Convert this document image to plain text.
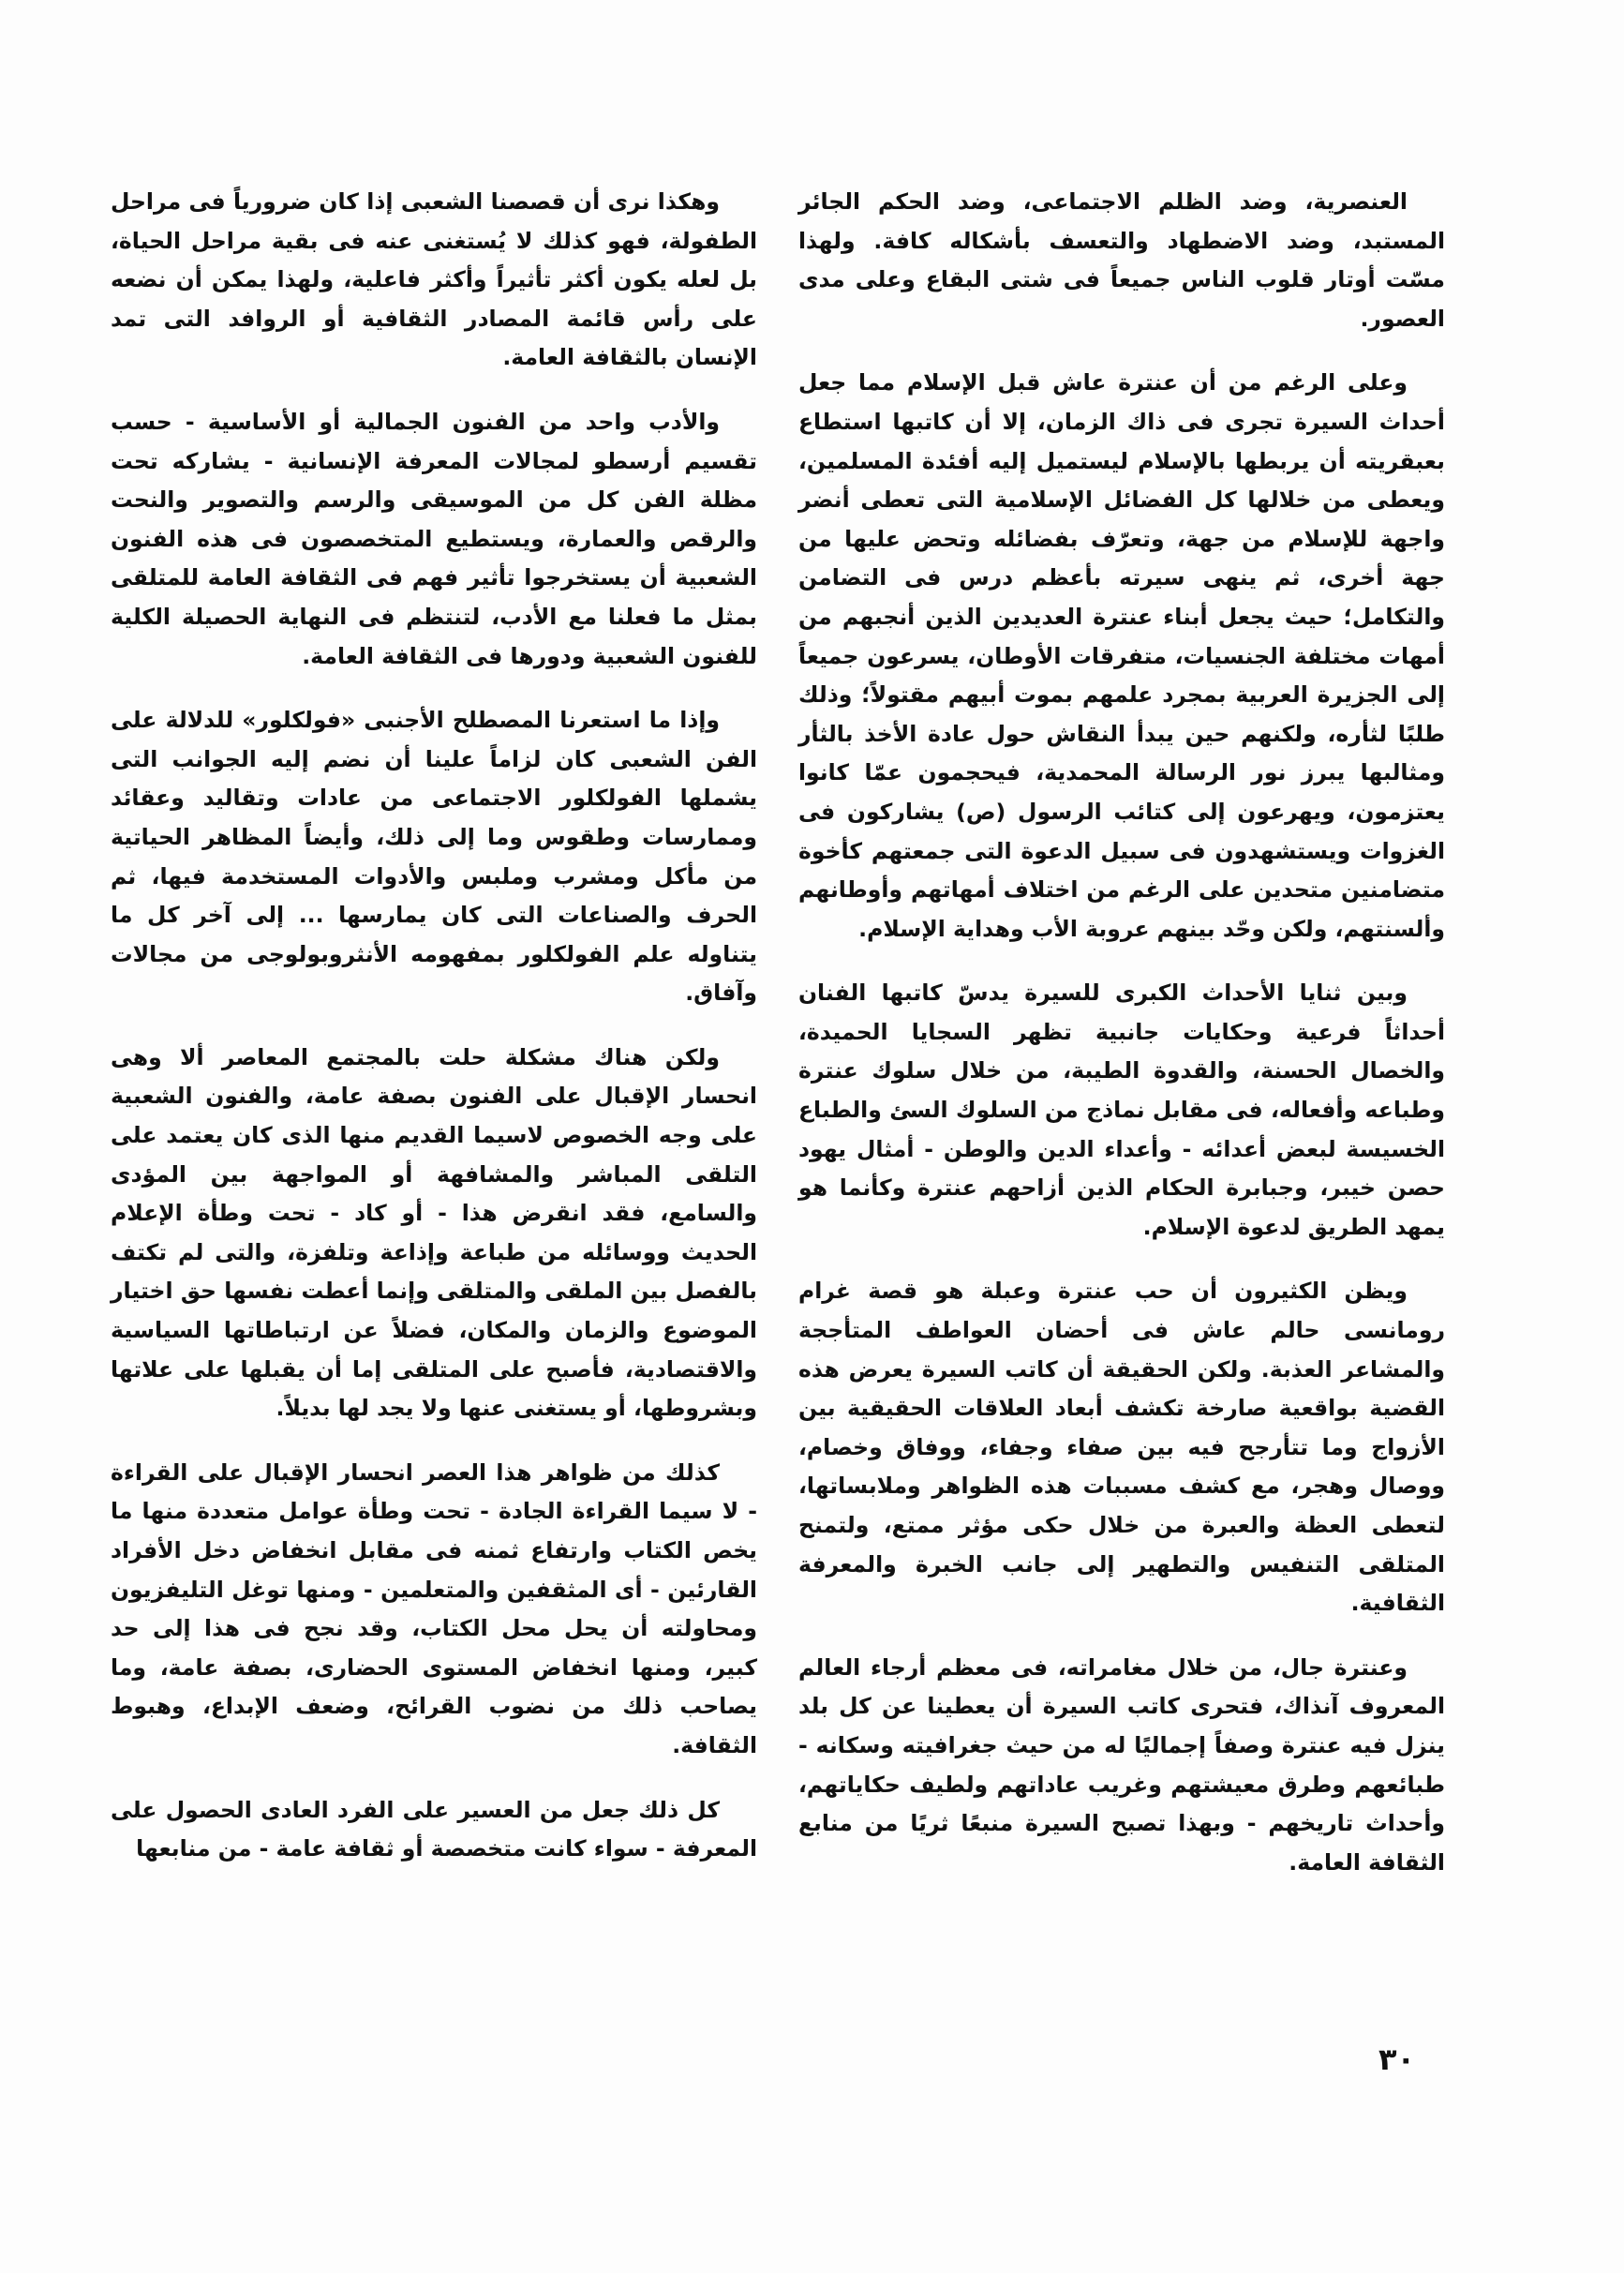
العنصرية، وضد الظلم الاجتماعى، وضد الحكم الجائر المستبد، وضد الاضطهاد والتعسف بأشكاله كافة. ولهذا مسّت أوتار قلوب الناس جميعاً فى شتى البقاع وعلى مدى العصور.

وعلى الرغم من أن عنترة عاش قبل الإسلام مما جعل أحداث السيرة تجرى فى ذاك الزمان، إلا أن كاتبها استطاع بعبقريته أن يربطها بالإسلام ليستميل إليه أفئدة المسلمين، ويعطى من خلالها كل الفضائل الإسلامية التى تعطى أنضر واجهة للإسلام من جهة، وتعرّف بفضائله وتحض عليها من جهة أخرى، ثم ينهى سيرته بأعظم درس فى التضامن والتكامل؛ حيث يجعل أبناء عنترة العديدين الذين أنجبهم من أمهات مختلفة الجنسيات، متفرقات الأوطان، يسرعون جميعاً إلى الجزيرة العربية بمجرد علمهم بموت أبيهم مقتولاً؛ وذلك طلبًا لثأره، ولكنهم حين يبدأ النقاش حول عادة الأخذ بالثأر ومثالبها يبرز نور الرسالة المحمدية، فيحجمون عمّا كانوا يعتزمون، ويهرعون إلى كتائب الرسول (ص) يشاركون فى الغزوات ويستشهدون فى سبيل الدعوة التى جمعتهم كأخوة متضامنين متحدين على الرغم من اختلاف أمهاتهم وأوطانهم وألسنتهم، ولكن وحّد بينهم عروبة الأب وهداية الإسلام.

وبين ثنايا الأحداث الكبرى للسيرة يدسّ كاتبها الفنان أحداثاً فرعية وحكايات جانبية تظهر السجايا الحميدة، والخصال الحسنة، والقدوة الطيبة، من خلال سلوك عنترة وطباعه وأفعاله، فى مقابل نماذج من السلوك السئ والطباع الخسيسة لبعض أعدائه - وأعداء الدين والوطن - أمثال يهود حصن خيبر، وجبابرة الحكام الذين أزاحهم عنترة وكأنما هو يمهد الطريق لدعوة الإسلام.

ويظن الكثيرون أن حب عنترة وعبلة هو قصة غرام رومانسى حالم عاش فى أحضان العواطف المتأججة والمشاعر العذبة. ولكن الحقيقة أن كاتب السيرة يعرض هذه القضية بواقعية صارخة تكشف أبعاد العلاقات الحقيقية بين الأزواج وما تتأرجح فيه بين صفاء وجفاء، ووفاق وخصام، ووصال وهجر، مع كشف مسببات هذه الظواهر وملابساتها، لتعطى العظة والعبرة من خلال حكى مؤثر ممتع، ولتمنح المتلقى التنفيس والتطهير إلى جانب الخبرة والمعرفة الثقافية.

وعنترة جال، من خلال مغامراته، فى معظم أرجاء العالم المعروف آنذاك، فتحرى كاتب السيرة أن يعطينا عن كل بلد ينزل فيه عنترة وصفاً إجماليًا له من حيث جغرافيته وسكانه - طبائعهم وطرق معيشتهم وغريب عاداتهم ولطيف حكاياتهم، وأحداث تاريخهم - وبهذا تصبح السيرة منبعًا ثريًا من منابع الثقافة العامة.

وهكذا نرى أن قصصنا الشعبى إذا كان ضرورياً فى مراحل الطفولة، فهو كذلك لا يُستغنى عنه فى بقية مراحل الحياة، بل لعله يكون أكثر تأثيراً وأكثر فاعلية، ولهذا يمكن أن نضعه على رأس قائمة المصادر الثقافية أو الروافد التى تمد الإنسان بالثقافة العامة.

والأدب واحد من الفنون الجمالية أو الأساسية - حسب تقسيم أرسطو لمجالات المعرفة الإنسانية - يشاركه تحت مظلة الفن كل من الموسيقى والرسم والتصوير والنحت والرقص والعمارة، ويستطيع المتخصصون فى هذه الفنون الشعبية أن يستخرجوا تأثير فهم فى الثقافة العامة للمتلقى بمثل ما فعلنا مع الأدب، لتنتظم فى النهاية الحصيلة الكلية للفنون الشعبية ودورها فى الثقافة العامة.

وإذا ما استعرنا المصطلح الأجنبى «فولكلور» للدلالة على الفن الشعبى كان لزاماً علينا أن نضم إليه الجوانب التى يشملها الفولكلور الاجتماعى من عادات وتقاليد وعقائد وممارسات وطقوس وما إلى ذلك، وأيضاً المظاهر الحياتية من مأكل ومشرب وملبس والأدوات المستخدمة فيها، ثم الحرف والصناعات التى كان يمارسها ... إلى آخر كل ما يتناوله علم الفولكلور بمفهومه الأنثروبولوجى من مجالات وآفاق.

ولكن هناك مشكلة حلت بالمجتمع المعاصر ألا وهى انحسار الإقبال على الفنون بصفة عامة، والفنون الشعبية على وجه الخصوص لاسيما القديم منها الذى كان يعتمد على التلقى المباشر والمشافهة أو المواجهة بين المؤدى والسامع، فقد انقرض هذا - أو كاد - تحت وطأة الإعلام الحديث ووسائله من طباعة وإذاعة وتلفزة، والتى لم تكتف بالفصل بين الملقى والمتلقى وإنما أعطت نفسها حق اختيار الموضوع والزمان والمكان، فضلاً عن ارتباطاتها السياسية والاقتصادية، فأصبح على المتلقى إما أن يقبلها على علاتها وبشروطها، أو يستغنى عنها ولا يجد لها بديلاً.

كذلك من ظواهر هذا العصر انحسار الإقبال على القراءة - لا سيما القراءة الجادة - تحت وطأة عوامل متعددة منها ما يخص الكتاب وارتفاع ثمنه فى مقابل انخفاض دخل الأفراد القارئين - أى المثقفين والمتعلمين - ومنها توغل التليفزيون ومحاولته أن يحل محل الكتاب، وقد نجح فى هذا إلى حد كبير، ومنها انخفاض المستوى الحضارى، بصفة عامة، وما يصاحب ذلك من نضوب القرائح، وضعف الإبداع، وهبوط الثقافة.

كل ذلك جعل من العسير على الفرد العادى الحصول على المعرفة - سواء كانت متخصصة أو ثقافة عامة - من منابعها

٣٠
